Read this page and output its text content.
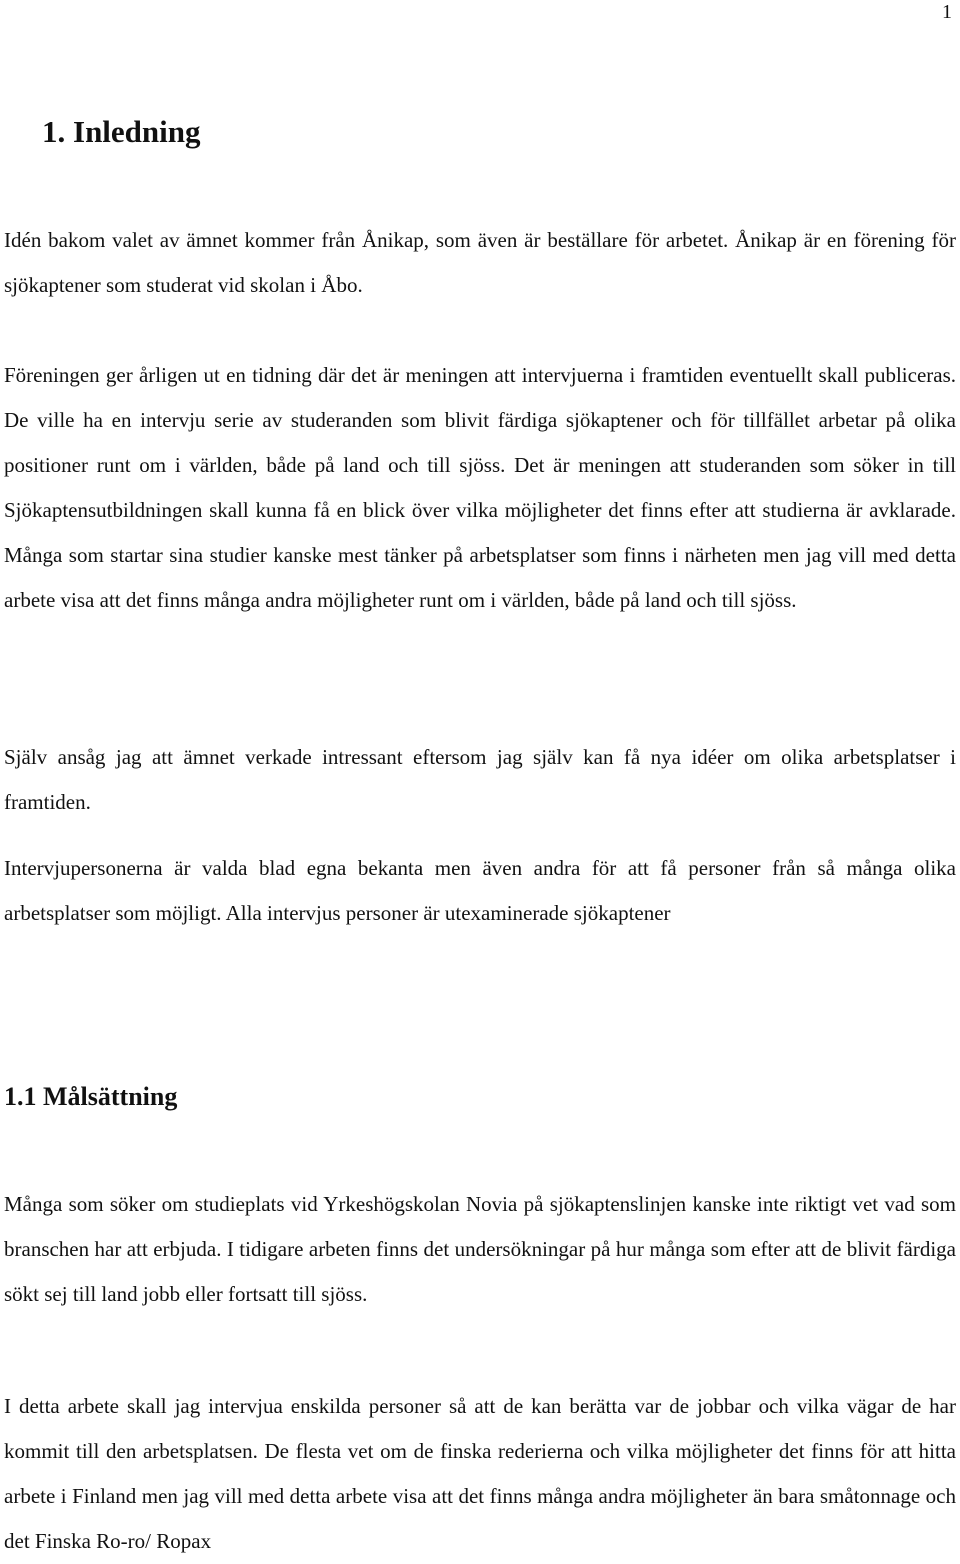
1
1. Inledning

Idén bakom valet av ämnet kommer från Ånikap, som även är beställare för arbetet. Ånikap är en förening för sjökaptener som studerat vid skolan i Åbo.

Föreningen ger årligen ut en tidning där det är meningen att intervjuerna i framtiden eventuellt skall publiceras. De ville ha en intervju serie av studeranden som blivit färdiga sjökaptener och för tillfället arbetar på olika positioner runt om i världen, både på land och till sjöss. Det är meningen att studeranden som söker in till Sjökaptensutbildningen skall kunna få en blick över vilka möjligheter det finns efter att studierna är avklarade. Många som startar sina studier kanske mest tänker på arbetsplatser som finns i närheten men jag vill med detta arbete visa att det finns många andra möjligheter runt om i världen, både på land och till sjöss.

Själv ansåg jag att ämnet verkade intressant eftersom jag själv kan få nya idéer om olika arbetsplatser i framtiden.

Intervjupersonerna är valda blad egna bekanta men även andra för att få personer från så många olika arbetsplatser som möjligt. Alla intervjus personer är utexaminerade sjökaptener

1.1 Målsättning

Många som söker om studieplats vid Yrkeshögskolan Novia på sjökaptenslinjen kanske inte riktigt vet vad som branschen har att erbjuda. I tidigare arbeten finns det undersökningar på hur många som efter att de blivit färdiga sökt sej till land jobb eller fortsatt till sjöss.

I detta arbete skall jag intervjua enskilda personer så att de kan berätta var de jobbar och vilka vägar de har kommit till den arbetsplatsen. De flesta vet om de finska rederierna och vilka möjligheter det finns för att hitta arbete i Finland men jag vill med detta arbete visa att det finns många andra möjligheter än bara småtonnage och det Finska Ro-ro/ Ropax
